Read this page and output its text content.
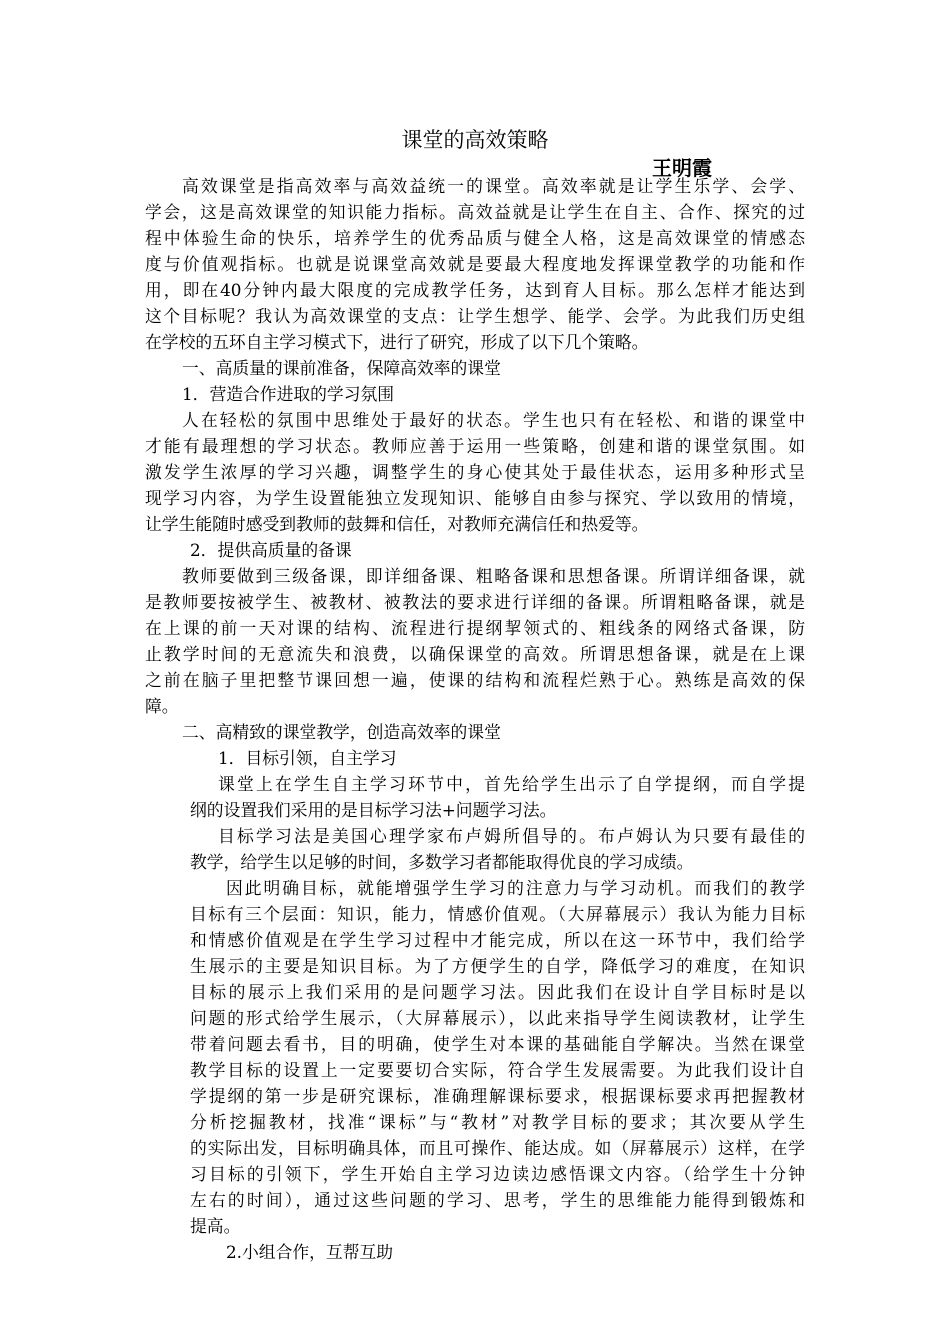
课堂的高效策略
王明霞
高效课堂是指高效率与高效益统一的课堂。高效率就是让学生乐学、会学、
学会，这是高效课堂的知识能力指标。高效益就是让学生在自主、合作、探究的过
程中体验生命的快乐，培养学生的优秀品质与健全人格，这是高效课堂的情感态
度与价值观指标。也就是说课堂高效就是要最大程度地发挥课堂教学的功能和作
用，即在40分钟内最大限度的完成教学任务，达到育人目标。那么怎样才能达到
这个目标呢？我认为高效课堂的支点：让学生想学、能学、会学。为此我们历史组
在学校的五环自主学习模式下，进行了研究，形成了以下几个策略。
一、高质量的课前准备，保障高效率的课堂
1．营造合作进取的学习氛围
人在轻松的氛围中思维处于最好的状态。学生也只有在轻松、和谐的课堂中
才能有最理想的学习状态。教师应善于运用一些策略，创建和谐的课堂氛围。如
激发学生浓厚的学习兴趣，调整学生的身心使其处于最佳状态，运用多种形式呈
现学习内容，为学生设置能独立发现知识、能够自由参与探究、学以致用的情境，
让学生能随时感受到教师的鼓舞和信任，对教师充满信任和热爱等。
2．提供高质量的备课
教师要做到三级备课，即详细备课、粗略备课和思想备课。所谓详细备课，就
是教师要按被学生、被教材、被教法的要求进行详细的备课。所谓粗略备课，就是
在上课的前一天对课的结构、流程进行提纲挈领式的、粗线条的网络式备课，防
止教学时间的无意流失和浪费，以确保课堂的高效。所谓思想备课，就是在上课
之前在脑子里把整节课回想一遍，使课的结构和流程烂熟于心。熟练是高效的保
障。
二、高精致的课堂教学，创造高效率的课堂
1．目标引领，自主学习
课堂上在学生自主学习环节中，首先给学生出示了自学提纲，而自学提
纲的设置我们采用的是目标学习法+问题学习法。
目标学习法是美国心理学家布卢姆所倡导的。布卢姆认为只要有最佳的
教学，给学生以足够的时间，多数学习者都能取得优良的学习成绩。
因此明确目标，就能增强学生学习的注意力与学习动机。而我们的教学
目标有三个层面：知识，能力，情感价值观。（大屏幕展示）我认为能力目标
和情感价值观是在学生学习过程中才能完成，所以在这一环节中，我们给学
生展示的主要是知识目标。为了方便学生的自学，降低学习的难度，在知识
目标的展示上我们采用的是问题学习法。因此我们在设计自学目标时是以
问题的形式给学生展示，（大屏幕展示），以此来指导学生阅读教材，让学生
带着问题去看书，目的明确，使学生对本课的基础能自学解决。当然在课堂
教学目标的设置上一定要要切合实际，符合学生发展需要。为此我们设计自
学提纲的第一步是研究课标，准确理解课标要求，根据课标要求再把握教材
分析挖掘教材，找准“课标”与“教材”对教学目标的要求；其次要从学生
的实际出发，目标明确具体，而且可操作、能达成。如（屏幕展示）这样，在学
习目标的引领下，学生开始自主学习边读边感悟课文内容。（给学生十分钟
左右的时间），通过这些问题的学习、思考，学生的思维能力能得到锻炼和
提高。
2.小组合作，互帮互助
